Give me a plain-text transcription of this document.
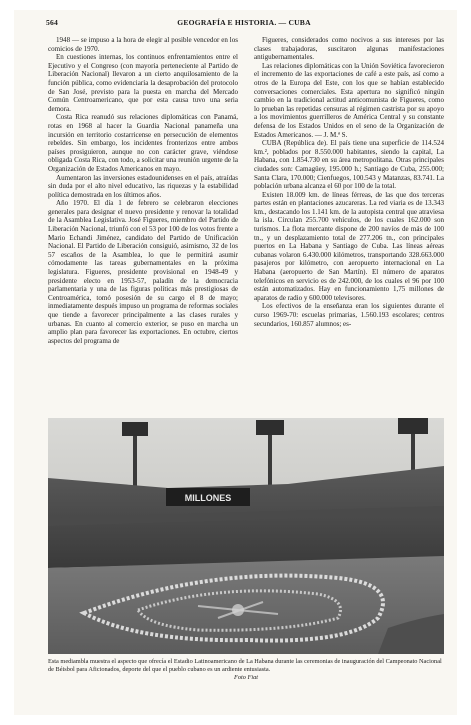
564	GEOGRAFÍA E HISTORIA. — CUBA

1948 — se impuso a la hora de elegir al posible vencedor en los comicios de 1970.

En cuestiones internas, los continuos enfrentamientos entre el Ejecutivo y el Congreso (con mayoría perteneciente al Partido de Liberación Nacional) llevaron a un cierto anquilosamiento de la función pública, como evidenciaría la desaprobación del protocolo de San José, previsto para la puesta en marcha del Mercado Común Centroamericano, que por esta causa tuvo una seria demora.

Costa Rica reanudó sus relaciones diplomáticas con Panamá, rotas en 1968 al hacer la Guardia Nacional panameña una incursión en territorio costarricense en persecución de elementos rebeldes. Sin embargo, los incidentes fronterizos entre ambos países prosiguieron, aunque no con carácter grave, viéndose obligada Costa Rica, con todo, a solicitar una reunión urgente de la Organización de Estados Americanos en mayo.

Aumentaron las inversiones estadounidenses en el país, atraídas sin duda por el alto nivel educativo, las riquezas y la estabilidad política demostrada en los últimos años.

Año 1970. El día 1 de febrero se celebraron elecciones generales para designar el nuevo presidente y renovar la totalidad de la Asamblea Legislativa. José Figueres, miembro del Partido de Liberación Nacional, triunfó con el 53 por 100 de los votos frente a Mario Echandi Jiménez, candidato del Partido de Unificación Nacional. El Partido de Liberación consiguió, asimismo, 32 de los 57 escaños de la Asamblea, lo que le permitirá asumir cómodamente las tareas gubernamentales en la próxima legislatura. Figueres, presidente provisional en 1948-49 y presidente electo en 1953-57, paladín de la democracia parlamentaria y una de las figuras políticas más prestigiosas de Centroamérica, tomó posesión de su cargo el 8 de mayo; inmediatamente después impuso un programa de reformas sociales que tiende a favorecer principalmente a las clases rurales y urbanas. En cuanto al comercio exterior, se puso en marcha un amplio plan para favorecer las exportaciones. En octubre, ciertos aspectos del programa de

Figueres, considerados como nocivos a sus intereses por las clases trabajadoras, suscitaron algunas manifestaciones antigubernamentales.

Las relaciones diplomáticas con la Unión Soviética favorecieron el incremento de las exportaciones de café a este país, así como a otros de la Europa del Este, con los que se habían establecido conversaciones comerciales. Esta apertura no significó ningún cambio en la tradicional actitud anticomunista de Figueres, como lo prueban las repetidas censuras al régimen castrista por su apoyo a los movimientos guerrilleros de América Central y su constante defensa de los Estados Unidos en el seno de la Organización de Estados Americanos. — J. M.ª S.

CUBA (República de). El país tiene una superficie de 114.524 km.², poblados por 8.550.000 habitantes, siendo la capital, La Habana, con 1.854.730 en su área metropolitana. Otras principales ciudades son: Camagüey, 195.000 h.; Santiago de Cuba, 255.000; Santa Clara, 170.000; Cienfuegos, 100.543 y Matanzas, 83.741. La población urbana alcanza el 60 por 100 de la total.

Existen 18.009 km. de líneas férreas, de las que dos terceras partes están en plantaciones azucareras. La red viaria es de 13.343 km., destacando los 1.141 km. de la autopista central que atraviesa la isla. Circulan 255.700 vehículos, de los cuales 162.000 son turismos. La flota mercante dispone de 200 navíos de más de 100 tn., y un desplazamiento total de 277.206 tn., con principales puertos en La Habana y Santiago de Cuba. Las líneas aéreas cubanas volaron 6.430.000 kilómetros, transportando 328.663.000 pasajeros por kilómetro, con aeropuerto internacional en La Habana (aeropuerto de San Martín). El número de aparatos telefónicos en servicio es de 242.000, de los cuales el 96 por 100 están automatizados. Hay en funcionamiento 1,75 millones de aparatos de radio y 600.000 televisores.

Los efectivos de la enseñanza eran los siguientes durante el curso 1969-70: escuelas primarias, 1.560.193 escolares; centros secundarios, 160.857 alumnos; es-

MILLONES
Esta mediambla muestra el aspecto que ofrecía el Estadio Latinoamericano de La Habana durante las ceremonias de inauguración del Campeonato Nacional de Béisbol para Aficionados, deporte del que el pueblo cubano es un ardiente entusiasta.
Foto Fiat
